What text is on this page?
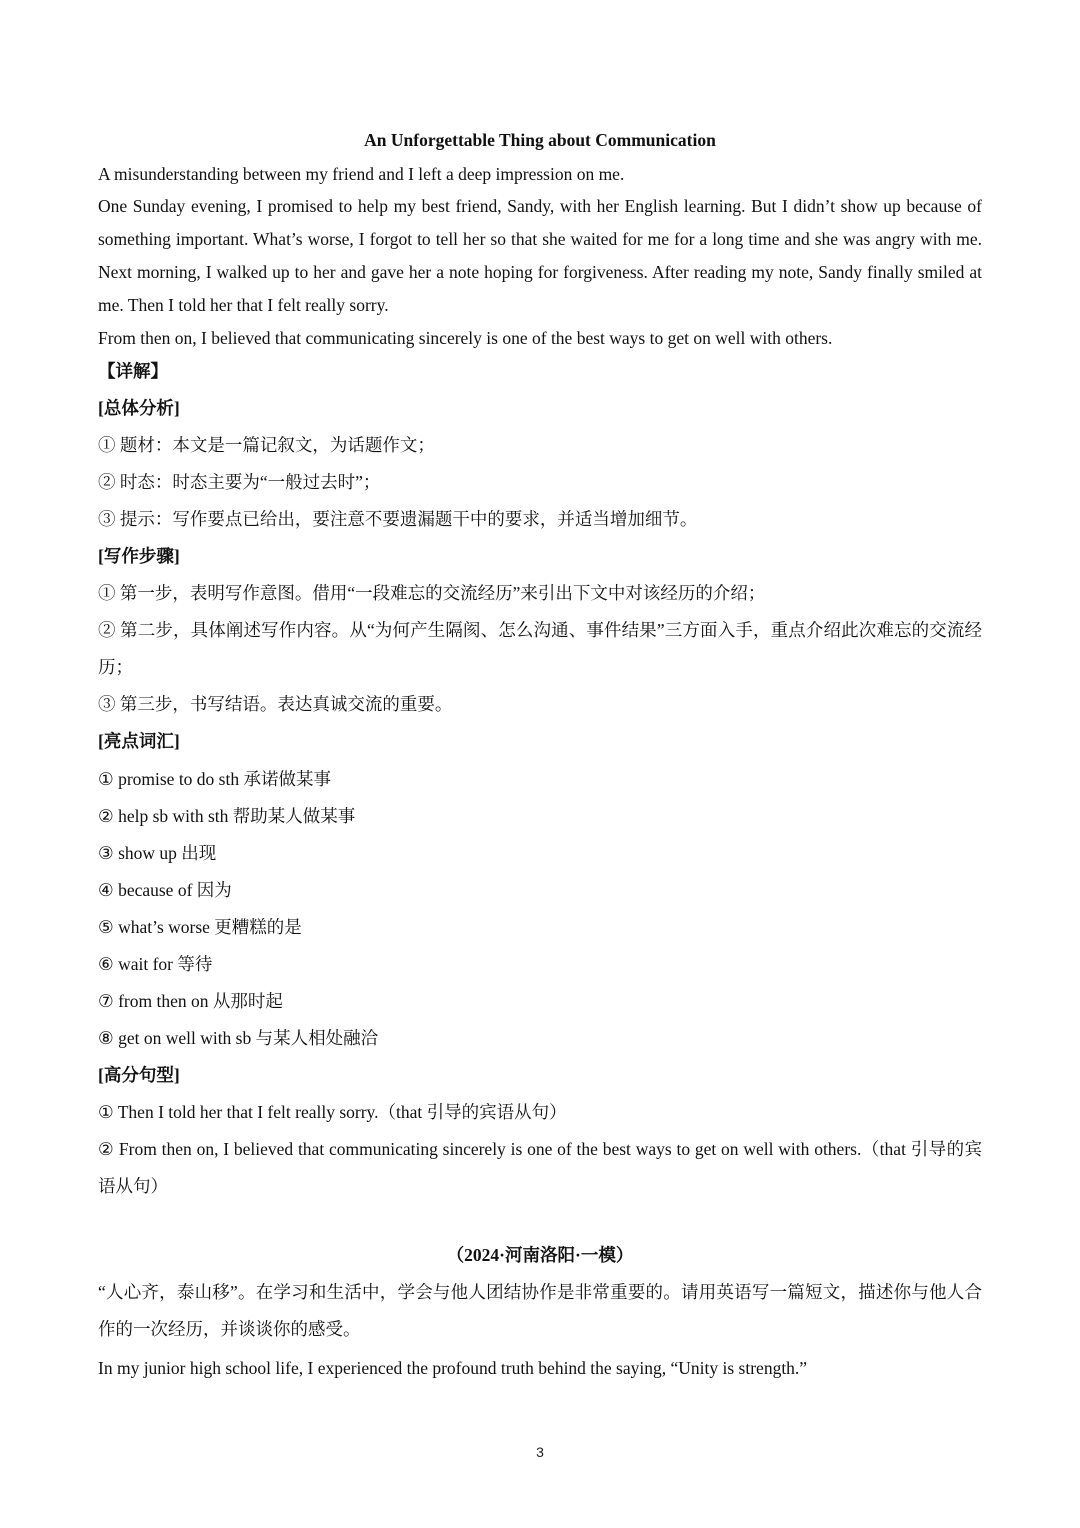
An Unforgettable Thing about Communication
A misunderstanding between my friend and I left a deep impression on me.
One Sunday evening, I promised to help my best friend, Sandy, with her English learning. But I didn’t show up because of something important. What’s worse, I forgot to tell her so that she waited for me for a long time and she was angry with me. Next morning, I walked up to her and gave her a note hoping for forgiveness. After reading my note, Sandy finally smiled at me. Then I told her that I felt really sorry.
From then on, I believed that communicating sincerely is one of the best ways to get on well with others.
【详解】
[总体分析]
① 题材：本文是一篇记叙文，为话题作文；
② 时态：时态主要为“一般过去时”；
③ 提示：写作要点已给出，要注意不要遗漏题干中的要求，并适当增加细节。
[写作步骤]
① 第一步，表明写作意图。借用“一段难忘的交流经历”来引出下文中对该经历的介绍；
② 第二步，具体阐述写作内容。从“为何产生隔阂、怎么沟通、事件结果”三方面入手，重点介绍此次难忘的交流经历；
③ 第三步，书写结语。表达真诚交流的重要。
[亮点词汇]
① promise to do sth 承诺做某事
② help sb with sth 帮助某人做某事
③ show up 出现
④ because of 因为
⑤ what’s worse 更糟糕的是
⑥ wait for 等待
⑦ from then on 从那时起
⑧ get on well with sb 与某人相处融洽
[高分句型]
① Then I told her that I felt really sorry.（that 引导的宾语从句）
② From then on, I believed that communicating sincerely is one of the best ways to get on well with others.（that 引导的宾语从句）
（2024·河南洛阳·一模）
“人心齐，泰山移”。在学习和生活中，学会与他人团结协作是非常重要的。请用英语写一篇短文，描述你与他人合作的一次经历，并谈谈你的感受。
In my junior high school life, I experienced the profound truth behind the saying, “Unity is strength.”
3
